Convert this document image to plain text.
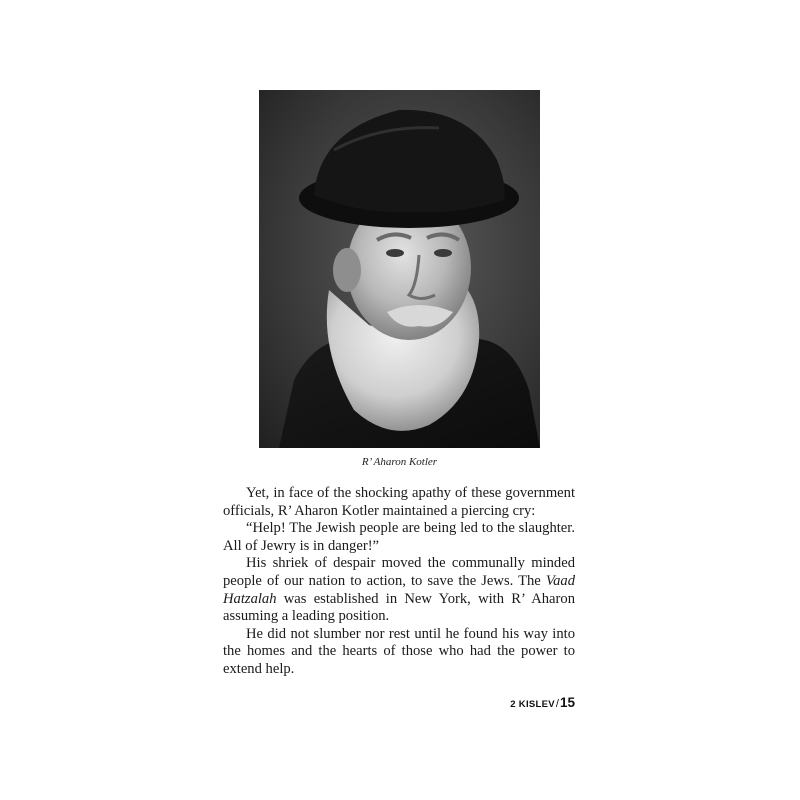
R’ Aharon Kotler

Yet, in face of the shocking apathy of these government officials, R’ Aharon Kotler maintained a piercing cry:

“Help! The Jewish people are being led to the slaughter. All of Jewry is in danger!”

His shriek of despair moved the communally minded people of our nation to action, to save the Jews. The Vaad Hatzalah was established in New York, with R’ Aharon assuming a leading position.

He did not slumber nor rest until he found his way into the homes and the hearts of those who had the power to extend help.

2 KISLEV/15
